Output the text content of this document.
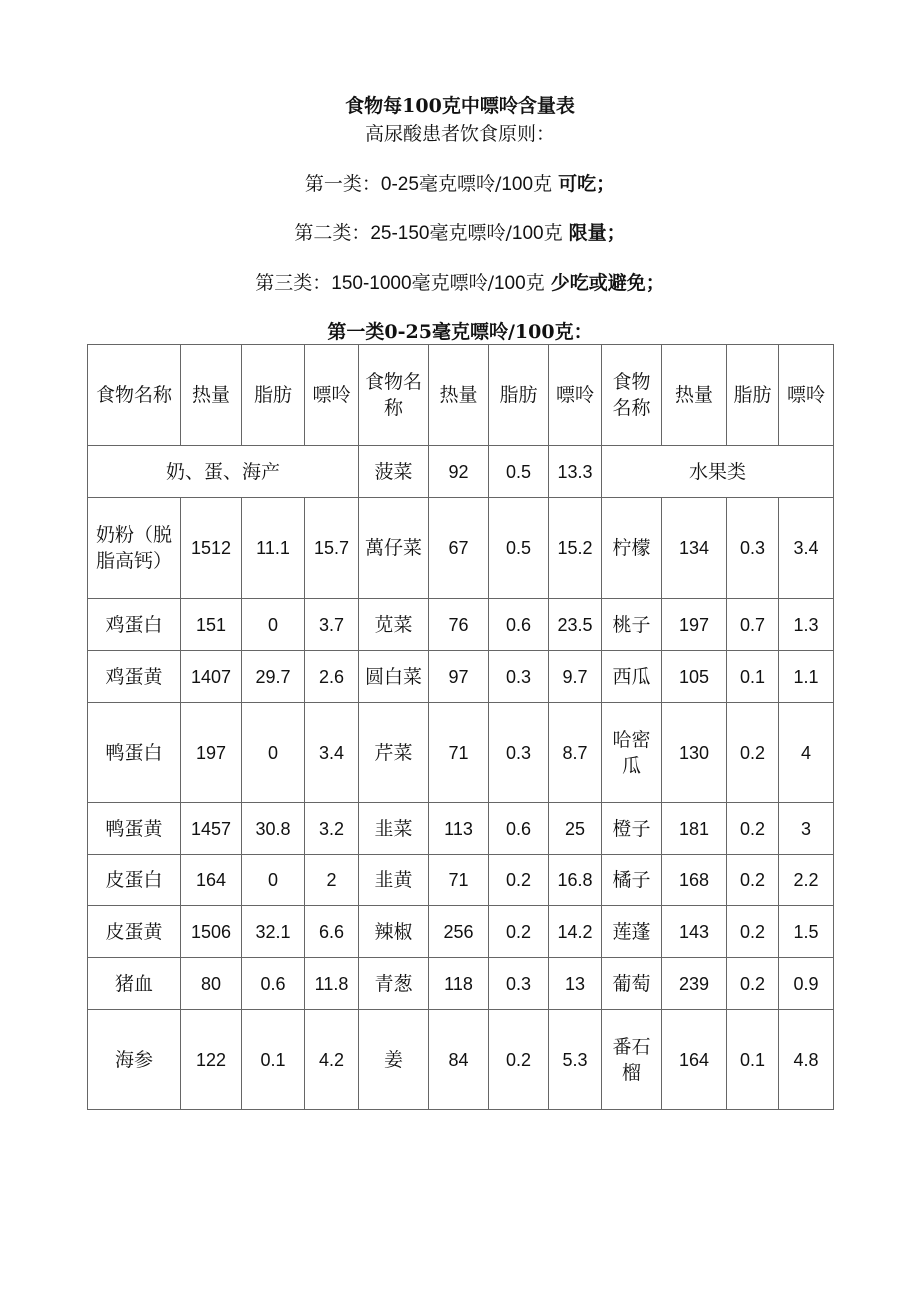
食物每100克中嘌呤含量表
高尿酸患者饮食原则：
第一类：0-25毫克嘌呤/100克 可吃；
第二类：25-150毫克嘌呤/100克 限量；
第三类：150-1000毫克嘌呤/100克 少吃或避免；
第一类0-25毫克嘌呤/100克：
食物名称	热量	脂肪	嘌呤	食物名称	热量	脂肪	嘌呤	食物名称	热量	脂肪	嘌呤
奶、蛋、海产				菠菜	92	0.5	13.3	水果类			
奶粉（脱脂高钙）	1512	11.1	15.7	萬仔菜	67	0.5	15.2	柠檬	134	0.3	3.4
鸡蛋白	151	0	3.7	苋菜	76	0.6	23.5	桃子	197	0.7	1.3
鸡蛋黄	1407	29.7	2.6	圆白菜	97	0.3	9.7	西瓜	105	0.1	1.1
鸭蛋白	197	0	3.4	芹菜	71	0.3	8.7	哈密瓜	130	0.2	4
鸭蛋黄	1457	30.8	3.2	韭菜	113	0.6	25	橙子	181	0.2	3
皮蛋白	164	0	2	韭黄	71	0.2	16.8	橘子	168	0.2	2.2
皮蛋黄	1506	32.1	6.6	辣椒	256	0.2	14.2	莲蓬	143	0.2	1.5
猪血	80	0.6	11.8	青葱	118	0.3	13	葡萄	239	0.2	0.9
海参	122	0.1	4.2	姜	84	0.2	5.3	番石榴	164	0.1	4.8
